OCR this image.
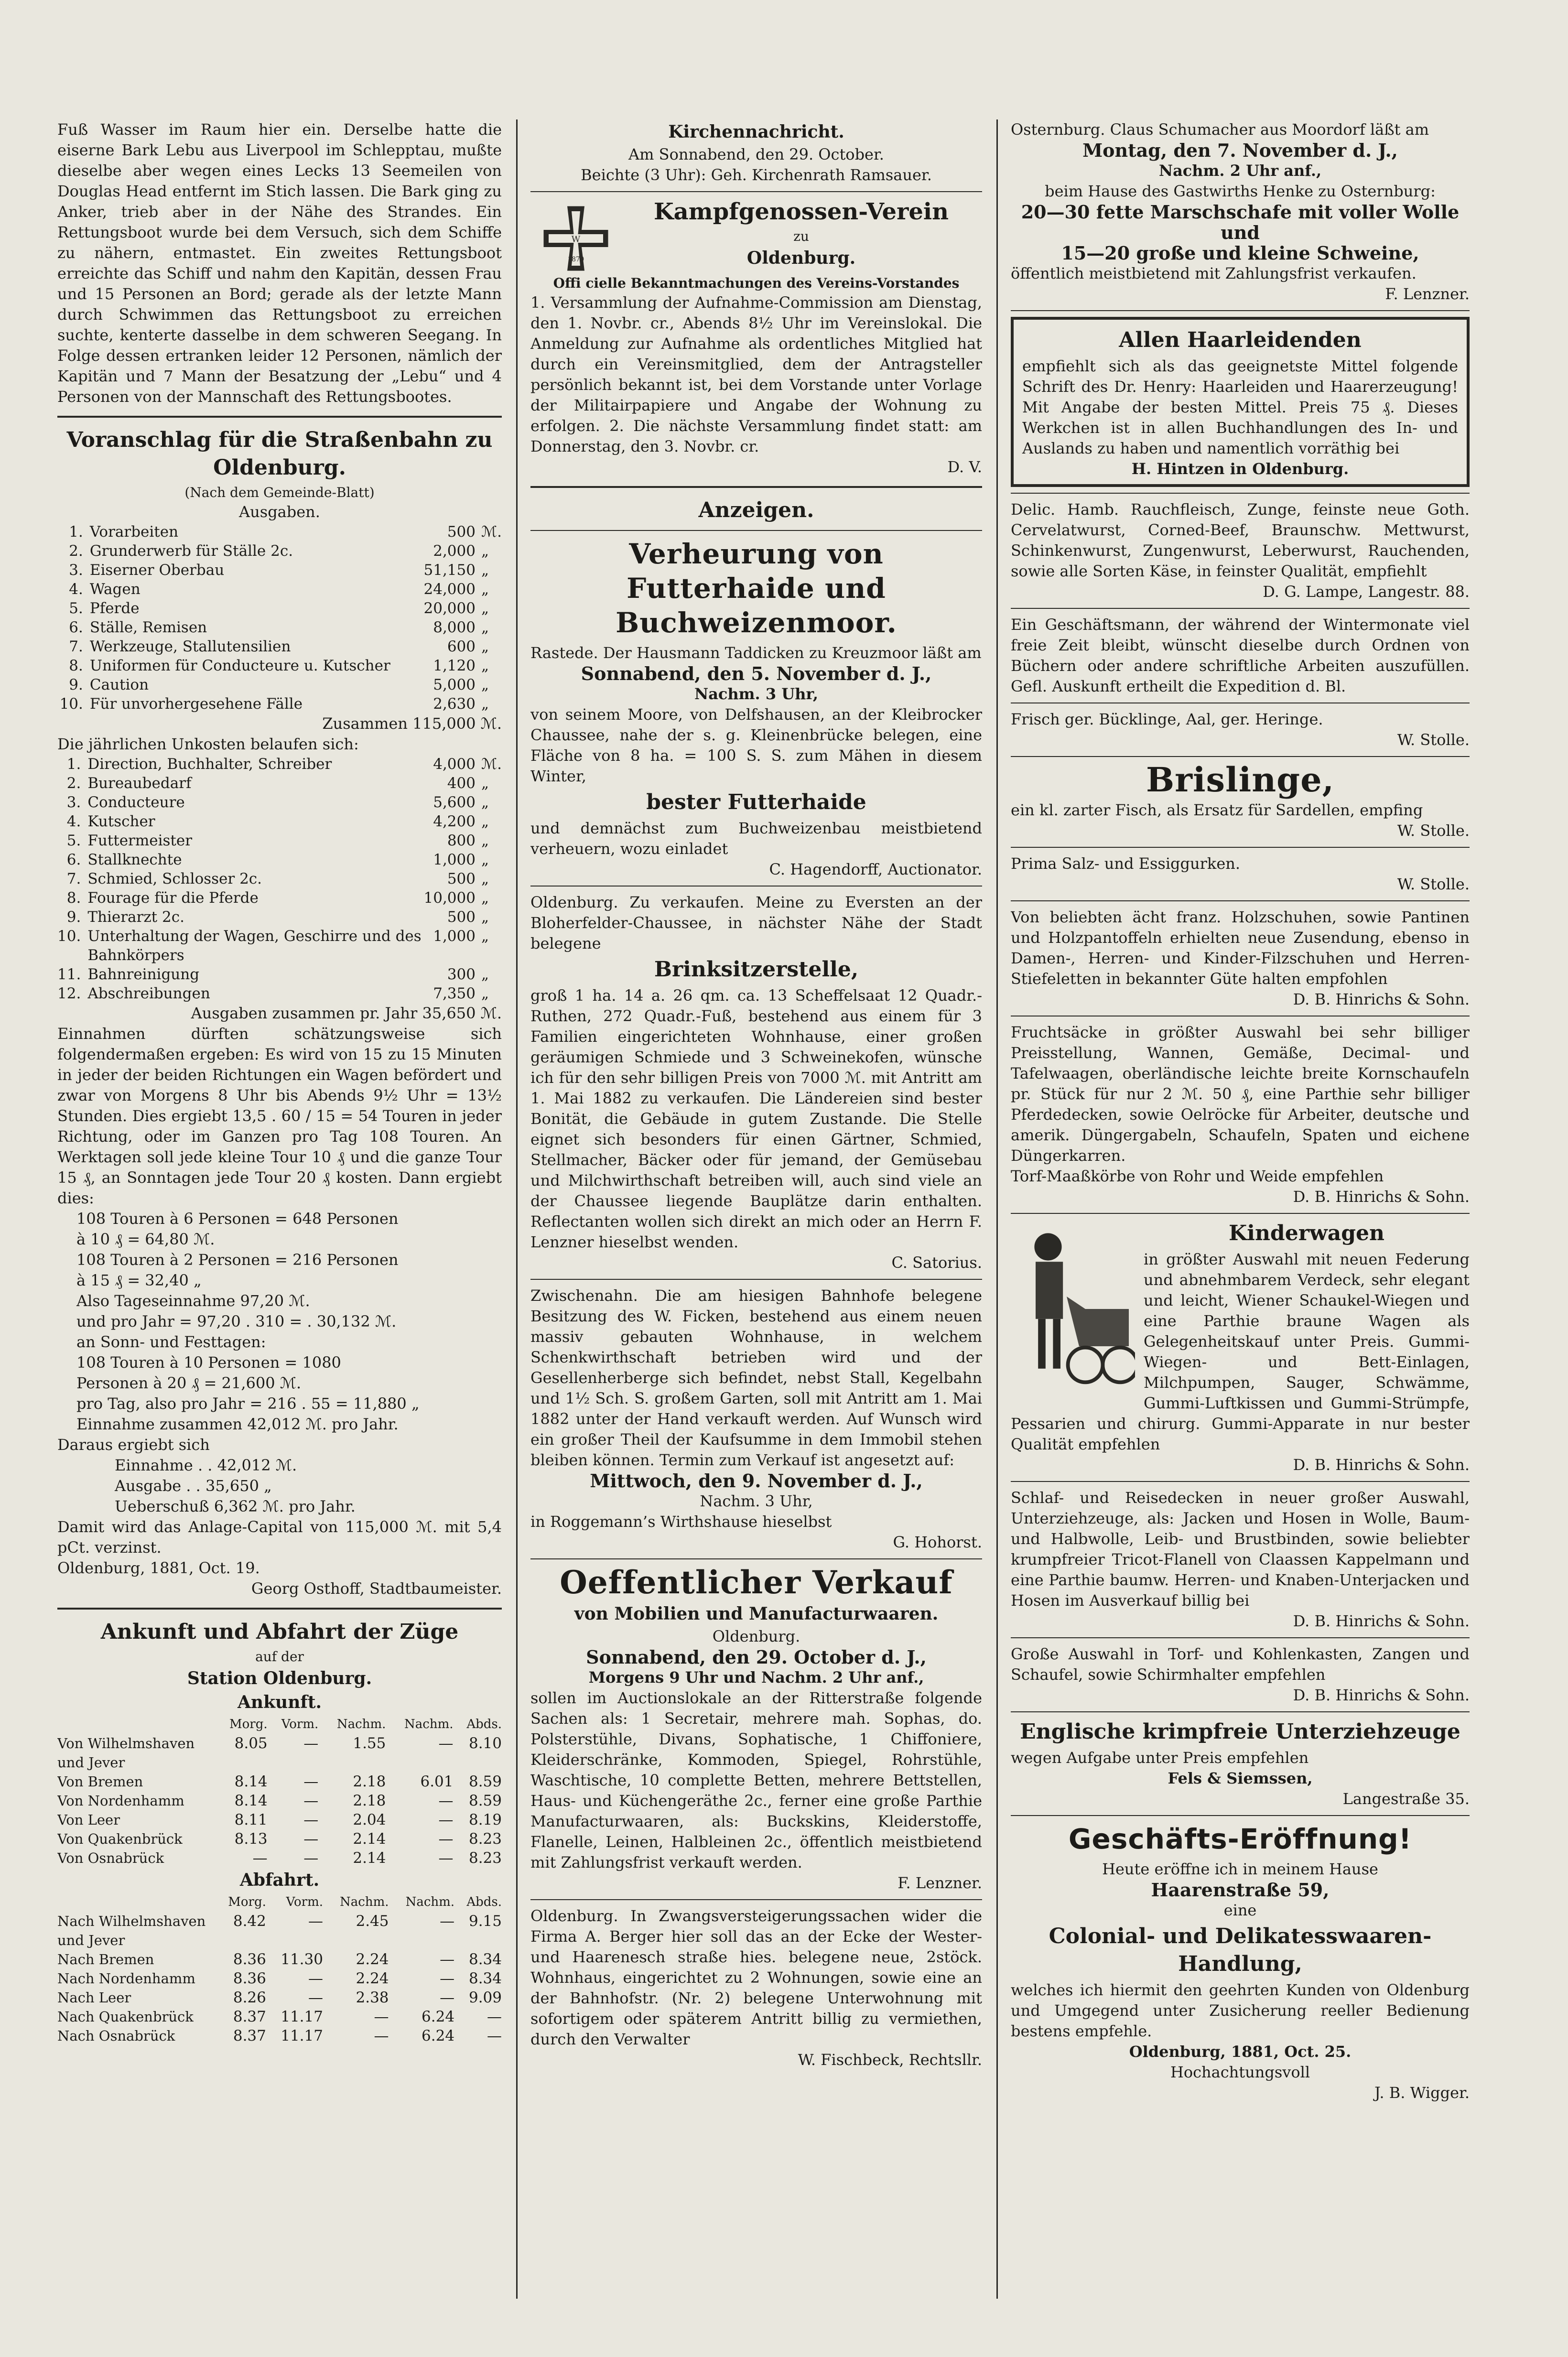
Fuß Wasser im Raum hier ein. Derselbe hatte die eiserne Bark Lebu aus Liverpool im Schlepptau, mußte dieselbe aber wegen eines Lecks 13 Seemeilen von Douglas Head entfernt im Stich lassen. Die Bark ging zu Anker, trieb aber in der Nähe des Strandes. Ein Rettungsboot wurde bei dem Versuch, sich dem Schiffe zu nähern, entmastet. Ein zweites Rettungsboot erreichte das Schiff und nahm den Kapitän, dessen Frau und 15 Personen an Bord; gerade als der letzte Mann durch Schwimmen das Rettungsboot zu erreichen suchte, kenterte dasselbe in dem schweren Seegang. In Folge dessen ertranken leider 12 Personen, nämlich der Kapitän und 7 Mann der Besatzung der „Lebu“ und 4 Personen von der Mannschaft des Rettungsbootes.

Voranschlag für die Straßenbahn zu Oldenburg.

(Nach dem Gemeinde-Blatt)

Ausgaben.

1.	Vorarbeiten	500	ℳ.
2.	Grunderwerb für Ställe 2c.	2,000	„
3.	Eiserner Oberbau	51,150	„
4.	Wagen	24,000	„
5.	Pferde	20,000	„
6.	Ställe, Remisen	8,000	„
7.	Werkzeuge, Stallutensilien	600	„
8.	Uniformen für Conducteure u. Kutscher	1,120	„
9.	Caution	5,000	„
10.	Für unvorhergesehene Fälle	2,630	„

Zusammen 115,000 ℳ.

Die jährlichen Unkosten belaufen sich:

1.	Direction, Buchhalter, Schreiber	4,000	ℳ.
2.	Bureaubedarf	400	„
3.	Conducteure	5,600	„
4.	Kutscher	4,200	„
5.	Futtermeister	800	„
6.	Stallknechte	1,000	„
7.	Schmied, Schlosser 2c.	500	„
8.	Fourage für die Pferde	10,000	„
9.	Thierarzt 2c.	500	„
10.	Unterhaltung der Wagen, Geschirre und des Bahnkörpers	1,000	„
11.	Bahnreinigung	300	„
12.	Abschreibungen	7,350	„

Ausgaben zusammen pr. Jahr 35,650 ℳ.

Einnahmen dürften schätzungsweise sich folgendermaßen ergeben: Es wird von 15 zu 15 Minuten in jeder der beiden Richtungen ein Wagen befördert und zwar von Morgens 8 Uhr bis Abends 9½ Uhr = 13½ Stunden. Dies ergiebt 13,5 . 60 / 15 = 54 Touren in jeder Richtung, oder im Ganzen pro Tag 108 Touren. An Werktagen soll jede kleine Tour 10 ₰ und die ganze Tour 15 ₰, an Sonntagen jede Tour 20 ₰ kosten. Dann ergiebt dies:

108 Touren à 6 Personen = 648 Personen

à 10 ₰ = 64,80 ℳ.

108 Touren à 2 Personen = 216 Personen

à 15 ₰ = 32,40 „

Also Tageseinnahme 97,20 ℳ.

und pro Jahr = 97,20 . 310 = . 30,132 ℳ.

an Sonn- und Festtagen:

108 Touren à 10 Personen = 1080

Personen à 20 ₰ = 21,600 ℳ.

pro Tag, also pro Jahr = 216 . 55 = 11,880 „

Einnahme zusammen 42,012 ℳ. pro Jahr.

Daraus ergiebt sich

Einnahme . . 42,012 ℳ.

Ausgabe . . 35,650 „

Ueberschuß 6,362 ℳ. pro Jahr.

Damit wird das Anlage-Capital von 115,000 ℳ. mit 5,4 pCt. verzinst.

Oldenburg, 1881, Oct. 19.

Georg Osthoff, Stadtbaumeister.

Ankunft und Abfahrt der Züge

auf der

Station Oldenburg.
Ankunft.
	Morg.	Vorm.	Nachm.	Nachm.	Abds.
Von Wilhelmshaven und Jever	8.05	—	1.55	—	8.10
Von Bremen	8.14	—	2.18	6.01	8.59
Von Nordenhamm	8.14	—	2.18	—	8.59
Von Leer	8.11	—	2.04	—	8.19
Von Quakenbrück	8.13	—	2.14	—	8.23
Von Osnabrück	—	—	2.14	—	8.23
Abfahrt.
	Morg.	Vorm.	Nachm.	Nachm.	Abds.
Nach Wilhelmshaven und Jever	8.42	—	2.45	—	9.15
Nach Bremen	8.36	11.30	2.24	—	8.34
Nach Nordenhamm	8.36	—	2.24	—	8.34
Nach Leer	8.26	—	2.38	—	9.09
Nach Quakenbrück	8.37	11.17	—	6.24	—
Nach Osnabrück	8.37	11.17	—	6.24	—
Kirchennachricht.

Am Sonnabend, den 29. October.

Beichte (3 Uhr): Geh. Kirchenrath Ramsauer.

W
1870
Kampfgenossen-Verein

zu

Oldenburg.

Offi cielle Bekanntmachungen des Vereins-Vorstandes

1. Versammlung der Aufnahme-Commission am Dienstag, den 1. Novbr. cr., Abends 8½ Uhr im Vereinslokal. Die Anmeldung zur Aufnahme als ordentliches Mitglied hat durch ein Vereinsmitglied, dem der Antragsteller persönlich bekannt ist, bei dem Vorstande unter Vorlage der Militairpapiere und Angabe der Wohnung zu erfolgen. 2. Die nächste Versammlung findet statt: am Donnerstag, den 3. Novbr. cr.

D. V.

Anzeigen.
Verheurung von Futterhaide und Buchweizenmoor.

Rastede. Der Hausmann Taddicken zu Kreuzmoor läßt am

Sonnabend, den 5. November d. J.,

Nachm. 3 Uhr,

von seinem Moore, von Delfshausen, an der Kleibrocker Chaussee, nahe der s. g. Kleinenbrücke belegen, eine Fläche von 8 ha. = 100 S. S. zum Mähen in diesem Winter,

bester Futterhaide

und demnächst zum Buchweizenbau meistbietend verheuern, wozu einladet

C. Hagendorff, Auctionator.

Oldenburg. Zu verkaufen. Meine zu Eversten an der Bloherfelder-Chaussee, in nächster Nähe der Stadt belegene

Brinksitzerstelle,

groß 1 ha. 14 a. 26 qm. ca. 13 Scheffelsaat 12 Quadr.-Ruthen, 272 Quadr.-Fuß, bestehend aus einem für 3 Familien eingerichteten Wohnhause, einer großen geräumigen Schmiede und 3 Schweinekofen, wünsche ich für den sehr billigen Preis von 7000 ℳ. mit Antritt am 1. Mai 1882 zu verkaufen. Die Ländereien sind bester Bonität, die Gebäude in gutem Zustande. Die Stelle eignet sich besonders für einen Gärtner, Schmied, Stellmacher, Bäcker oder für jemand, der Gemüsebau und Milchwirthschaft betreiben will, auch sind viele an der Chaussee liegende Bauplätze darin enthalten. Reflectanten wollen sich direkt an mich oder an Herrn F. Lenzner hieselbst wenden.

C. Satorius.

Zwischenahn. Die am hiesigen Bahnhofe belegene Besitzung des W. Ficken, bestehend aus einem neuen massiv gebauten Wohnhause, in welchem Schenkwirthschaft betrieben wird und der Gesellenherberge sich befindet, nebst Stall, Kegelbahn und 1½ Sch. S. großem Garten, soll mit Antritt am 1. Mai 1882 unter der Hand verkauft werden. Auf Wunsch wird ein großer Theil der Kaufsumme in dem Immobil stehen bleiben können. Termin zum Verkauf ist angesetzt auf:

Mittwoch, den 9. November d. J.,

Nachm. 3 Uhr,

in Roggemann’s Wirthshause hieselbst

G. Hohorst.

Oeffentlicher Verkauf
von Mobilien und Manufacturwaaren.

Oldenburg.

Sonnabend, den 29. October d. J.,

Morgens 9 Uhr und Nachm. 2 Uhr anf.,

sollen im Auctionslokale an der Ritterstraße folgende Sachen als: 1 Secretair, mehrere mah. Sophas, do. Polsterstühle, Divans, Sophatische, 1 Chiffoniere, Kleiderschränke, Kommoden, Spiegel, Rohrstühle, Waschtische, 10 complette Betten, mehrere Bettstellen, Haus- und Küchengeräthe 2c., ferner eine große Parthie Manufacturwaaren, als: Buckskins, Kleiderstoffe, Flanelle, Leinen, Halbleinen 2c., öffentlich meistbietend mit Zahlungsfrist verkauft werden.

F. Lenzner.

Oldenburg. In Zwangsversteigerungssachen wider die Firma A. Berger hier soll das an der Ecke der Wester- und Haarenesch straße hies. belegene neue, 2stöck. Wohnhaus, eingerichtet zu 2 Wohnungen, sowie eine an der Bahnhofstr. (Nr. 2) belegene Unterwohnung mit sofortigem oder späterem Antritt billig zu vermiethen, durch den Verwalter

W. Fischbeck, Rechtsllr.

Osternburg. Claus Schumacher aus Moordorf läßt am

Montag, den 7. November d. J.,

Nachm. 2 Uhr anf.,

beim Hause des Gastwirths Henke zu Osternburg:

20—30 fette Marschschafe mit voller Wolle und

15—20 große und kleine Schweine,

öffentlich meistbietend mit Zahlungsfrist verkaufen.

F. Lenzner.

Allen Haarleidenden

empfiehlt sich als das geeignetste Mittel folgende Schrift des Dr. Henry: Haarleiden und Haarerzeugung! Mit Angabe der besten Mittel. Preis 75 ₰. Dieses Werkchen ist in allen Buchhandlungen des In- und Auslands zu haben und namentlich vorräthig bei

H. Hintzen in Oldenburg.

Delic. Hamb. Rauchfleisch, Zunge, feinste neue Goth. Cervelatwurst, Corned-Beef, Braunschw. Mettwurst, Schinkenwurst, Zungenwurst, Leberwurst, Rauchenden, sowie alle Sorten Käse, in feinster Qualität, empfiehlt

D. G. Lampe, Langestr. 88.

Ein Geschäftsmann, der während der Wintermonate viel freie Zeit bleibt, wünscht dieselbe durch Ordnen von Büchern oder andere schriftliche Arbeiten auszufüllen. Gefl. Auskunft ertheilt die Expedition d. Bl.

Frisch ger. Bücklinge, Aal, ger. Heringe.

W. Stolle.

Brislinge,

ein kl. zarter Fisch, als Ersatz für Sardellen, empfing

W. Stolle.

Prima Salz- und Essiggurken.

W. Stolle.

Von beliebten ächt franz. Holzschuhen, sowie Pantinen und Holzpantoffeln erhielten neue Zusendung, ebenso in Damen-, Herren- und Kinder-Filzschuhen und Herren-Stiefeletten in bekannter Güte halten empfohlen

D. B. Hinrichs & Sohn.

Fruchtsäcke in größter Auswahl bei sehr billiger Preisstellung, Wannen, Gemäße, Decimal- und Tafelwaagen, oberländische leichte breite Kornschaufeln pr. Stück für nur 2 ℳ. 50 ₰, eine Parthie sehr billiger Pferdedecken, sowie Oelröcke für Arbeiter, deutsche und amerik. Düngergabeln, Schaufeln, Spaten und eichene Düngerkarren.

Torf-Maaßkörbe von Rohr und Weide empfehlen

D. B. Hinrichs & Sohn.

Kinderwagen

in größter Auswahl mit neuen Federung und abnehmbarem Verdeck, sehr elegant und leicht, Wiener Schaukel-Wiegen und eine Parthie braune Wagen als Gelegenheitskauf unter Preis. Gummi-Wiegen- und Bett-Einlagen, Milchpumpen, Sauger, Schwämme, Gummi-Luftkissen und Gummi-Strümpfe, Pessarien und chirurg. Gummi-Apparate in nur bester Qualität empfehlen

D. B. Hinrichs & Sohn.

Schlaf- und Reisedecken in neuer großer Auswahl, Unterziehzeuge, als: Jacken und Hosen in Wolle, Baum- und Halbwolle, Leib- und Brustbinden, sowie beliebter krumpfreier Tricot-Flanell von Claassen Kappelmann und eine Parthie baumw. Herren- und Knaben-Unterjacken und Hosen im Ausverkauf billig bei

D. B. Hinrichs & Sohn.

Große Auswahl in Torf- und Kohlenkasten, Zangen und Schaufel, sowie Schirmhalter empfehlen

D. B. Hinrichs & Sohn.

Englische krimpfreie Unterziehzeuge

wegen Aufgabe unter Preis empfehlen

Fels & Siemssen,

Langestraße 35.

Geschäfts-Eröffnung!

Heute eröffne ich in meinem Hause

Haarenstraße 59,

eine

Colonial- und Delikatesswaaren-Handlung,

welches ich hiermit den geehrten Kunden von Oldenburg und Umgegend unter Zusicherung reeller Bedienung bestens empfehle.

Oldenburg, 1881, Oct. 25.

Hochachtungsvoll

J. B. Wigger.
